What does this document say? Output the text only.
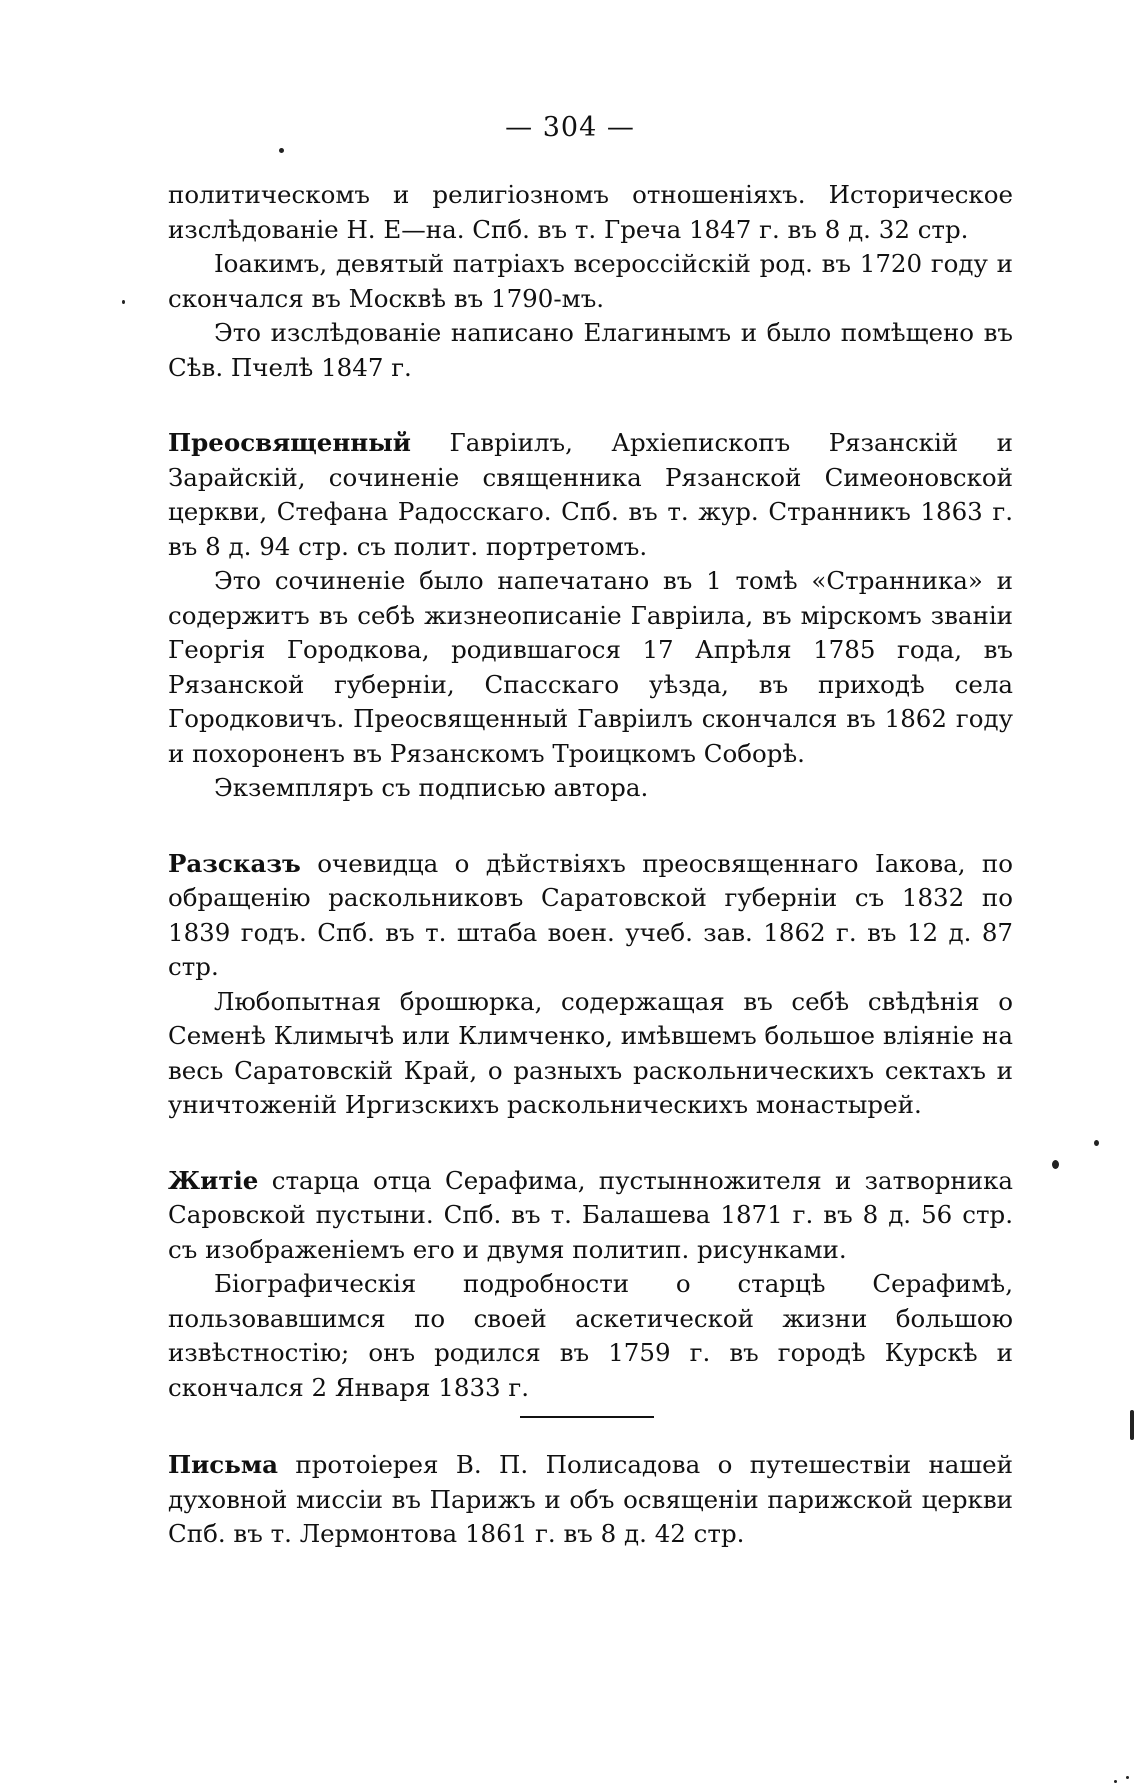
— 304 —

политическомъ и религіозномъ отношеніяхъ. Историческое изслѣдованіе Н. Е—на. Спб. въ т. Греча 1847 г. въ 8 д. 32 стр.

Іоакимъ, девятый патріахъ всероссійскій род. въ 1720 году и скончался въ Москвѣ въ 1790-мъ.

Это изслѣдованіе написано Елагинымъ и было помѣщено въ Сѣв. Пчелѣ 1847 г.

Преосвященный Гавріилъ, Архіепископъ Рязанскій и Зарайскій, сочиненіе священника Рязанской Симеоновской церкви, Стефана Радосскаго. Спб. въ т. жур. Странникъ 1863 г. въ 8 д. 94 стр. съ полит. портретомъ.

Это сочиненіе было напечатано въ 1 томѣ «Странника» и содержитъ въ себѣ жизнеописаніе Гавріила, въ мірскомъ званіи Георгія Городкова, родившагося 17 Апрѣля 1785 года, въ Рязанской губерніи, Спасскаго уѣзда, въ приходѣ села Городковичъ. Преосвященный Гавріилъ скончался въ 1862 году и похороненъ въ Рязанскомъ Троицкомъ Соборѣ.

Экземпляръ съ подписью автора.

Разсказъ очевидца о дѣйствіяхъ преосвященнаго Іакова, по обращенію раскольниковъ Саратовской губерніи съ 1832 по 1839 годъ. Спб. въ т. штаба воен. учеб. зав. 1862 г. въ 12 д. 87 стр.

Любопытная брошюрка, содержащая въ себѣ свѣдѣнія о Семенѣ Климычѣ или Климченко, имѣвшемъ большое вліяніе на весь Саратовскій Край, о разныхъ раскольническихъ сектахъ и уничтоженій Иргизскихъ раскольническихъ монастырей.

Житіе старца отца Серафима, пустынножителя и затворника Саровской пустыни. Спб. въ т. Балашева 1871 г. въ 8 д. 56 стр. съ изображеніемъ его и двумя политип. рисунками.

Біографическія подробности о старцѣ Серафимѣ, пользовавшимся по своей аскетической жизни большою извѣстностію; онъ родился въ 1759 г. въ городѣ Курскѣ и скончался 2 Января 1833 г.

Письма протоіерея В. П. Полисадова о путешествіи нашей духовной миссіи въ Парижъ и объ освященіи парижской церкви Спб. въ т. Лермонтова 1861 г. въ 8 д. 42 стр.
